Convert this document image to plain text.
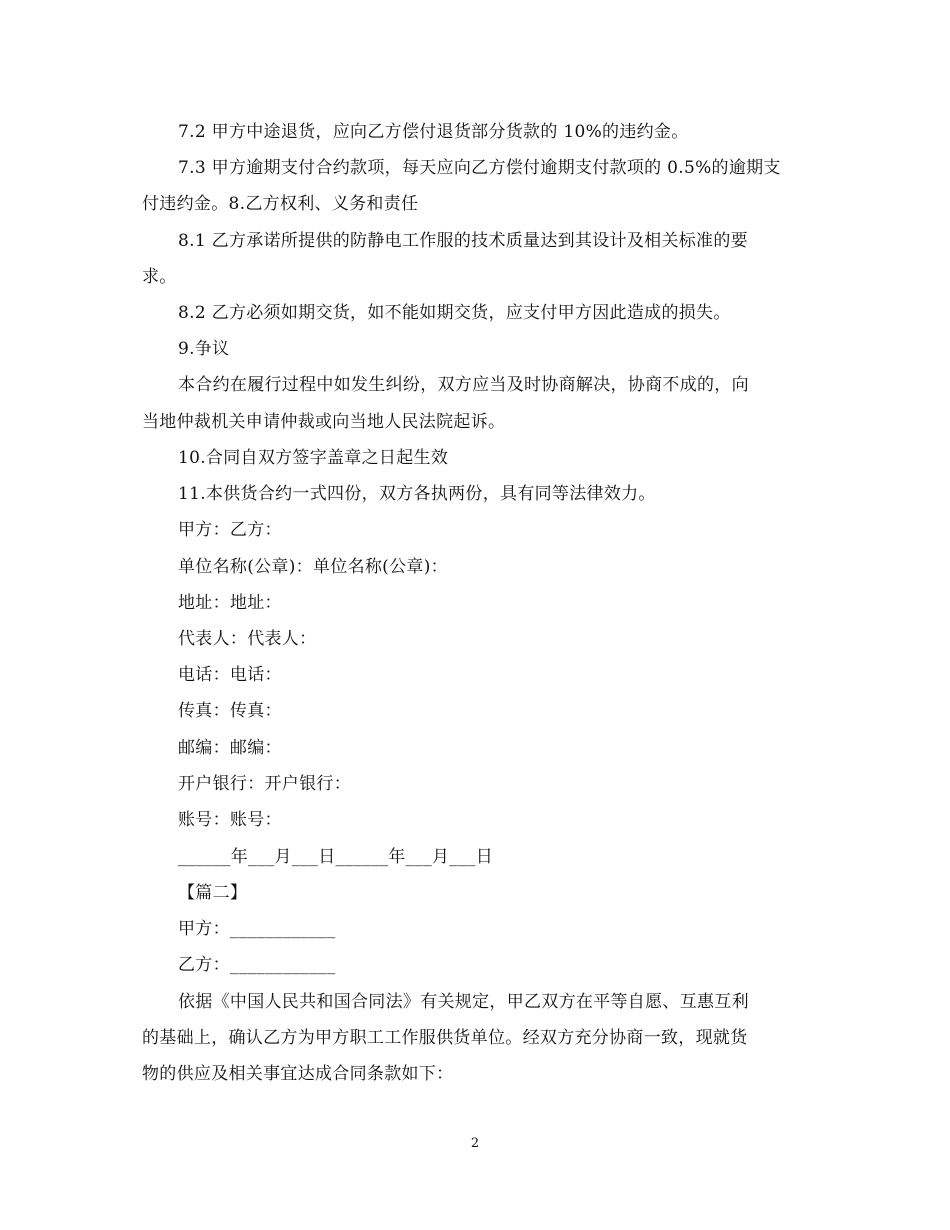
7.2 甲方中途退货，应向乙方偿付退货部分货款的 10%的违约金。
7.3 甲方逾期支付合约款项，每天应向乙方偿付逾期支付款项的 0.5%的逾期支
付违约金。8.乙方权利、义务和责任
8.1 乙方承诺所提供的防静电工作服的技术质量达到其设计及相关标准的要
求。
8.2 乙方必须如期交货，如不能如期交货，应支付甲方因此造成的损失。
9.争议
本合约在履行过程中如发生纠纷，双方应当及时协商解决，协商不成的，向
当地仲裁机关申请仲裁或向当地人民法院起诉。
10.合同自双方签字盖章之日起生效
11.本供货合约一式四份，双方各执两份，具有同等法律效力。
甲方：乙方：
单位名称(公章)：单位名称(公章)：
地址：地址：
代表人：代表人：
电话：电话：
传真：传真：
邮编：邮编：
开户银行：开户银行：
账号：账号：
______年___月___日______年___月___日
【篇二】
甲方：____________
乙方：____________
依据《中国人民共和国合同法》有关规定，甲乙双方在平等自愿、互惠互利
的基础上，确认乙方为甲方职工工作服供货单位。经双方充分协商一致，现就货
物的供应及相关事宜达成合同条款如下：
2
